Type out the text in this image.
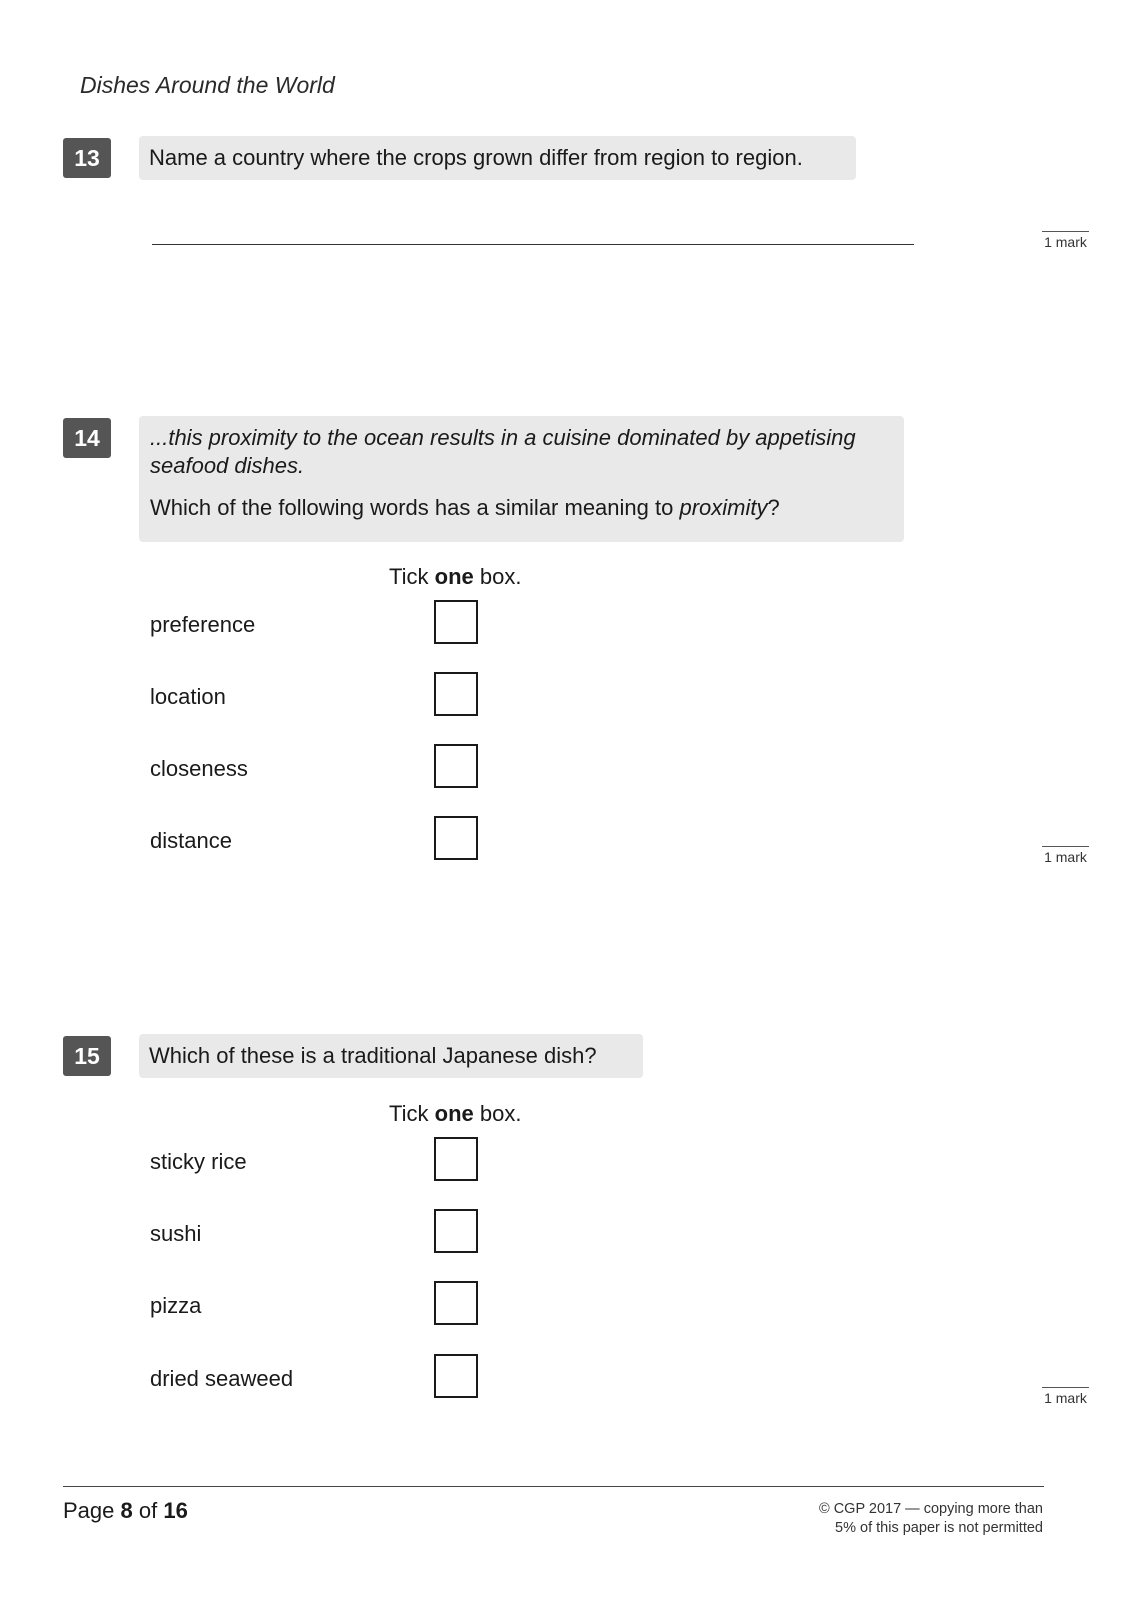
Dishes Around the World
13	Name a country where the crops grown differ from region to region.
1 mark
14	...this proximity to the ocean results in a cuisine dominated by appetising seafood dishes.
Which of the following words has a similar meaning to proximity?
Tick one box.
preference
location
closeness
distance
1 mark
15	Which of these is a traditional Japanese dish?
Tick one box.
sticky rice
sushi
pizza
dried seaweed
1 mark
Page 8 of 16	© CGP 2017 — copying more than
5% of this paper is not permitted
